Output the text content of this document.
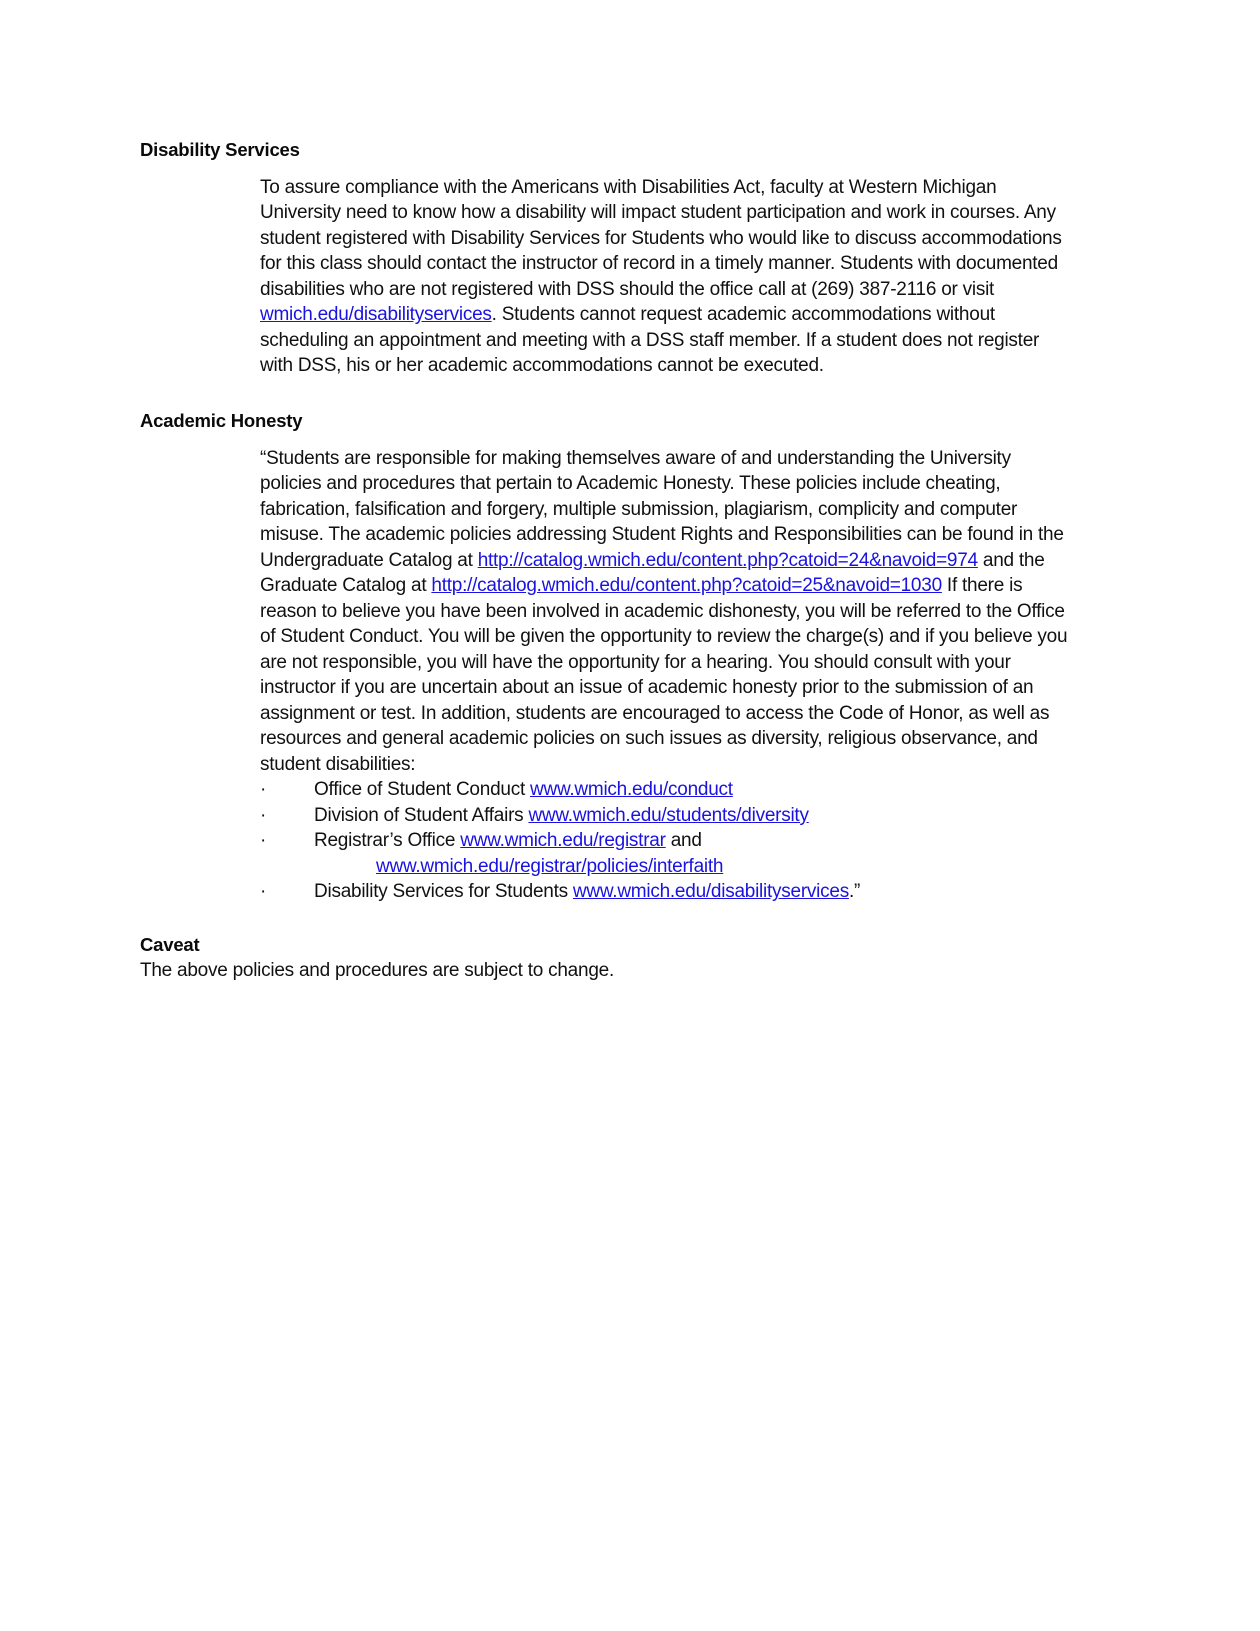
Disability Services

To assure compliance with the Americans with Disabilities Act, faculty at Western Michigan University need to know how a disability will impact student participation and work in courses. Any student registered with Disability Services for Students who would like to discuss accommodations for this class should contact the instructor of record in a timely manner. Students with documented disabilities who are not registered with DSS should the office call at (269) 387-2116 or visit wmich.edu/disabilityservices. Students cannot request academic accommodations without scheduling an appointment and meeting with a DSS staff member. If a student does not register with DSS, his or her academic accommodations cannot be executed.

Academic Honesty

“Students are responsible for making themselves aware of and understanding the University policies and procedures that pertain to Academic Honesty. These policies include cheating, fabrication, falsification and forgery, multiple submission, plagiarism, complicity and computer misuse. The academic policies addressing Student Rights and Responsibilities can be found in the Undergraduate Catalog at http://catalog.wmich.edu/content.php?catoid=24&navoid=974 and the Graduate Catalog at http://catalog.wmich.edu/content.php?catoid=25&navoid=1030 If there is reason to believe you have been involved in academic dishonesty, you will be referred to the Office of Student Conduct. You will be given the opportunity to review the charge(s) and if you believe you are not responsible, you will have the opportunity for a hearing. You should consult with your instructor if you are uncertain about an issue of academic honesty prior to the submission of an assignment or test. In addition, students are encouraged to access the Code of Honor, as well as resources and general academic policies on such issues as diversity, religious observance, and student disabilities:

·	Office of Student Conduct www.wmich.edu/conduct
·	Division of Student Affairs www.wmich.edu/students/diversity
·	Registrar’s Office www.wmich.edu/registrar and
www.wmich.edu/registrar/policies/interfaith
·	Disability Services for Students www.wmich.edu/disabilityservices.”
Caveat

The above policies and procedures are subject to change.
